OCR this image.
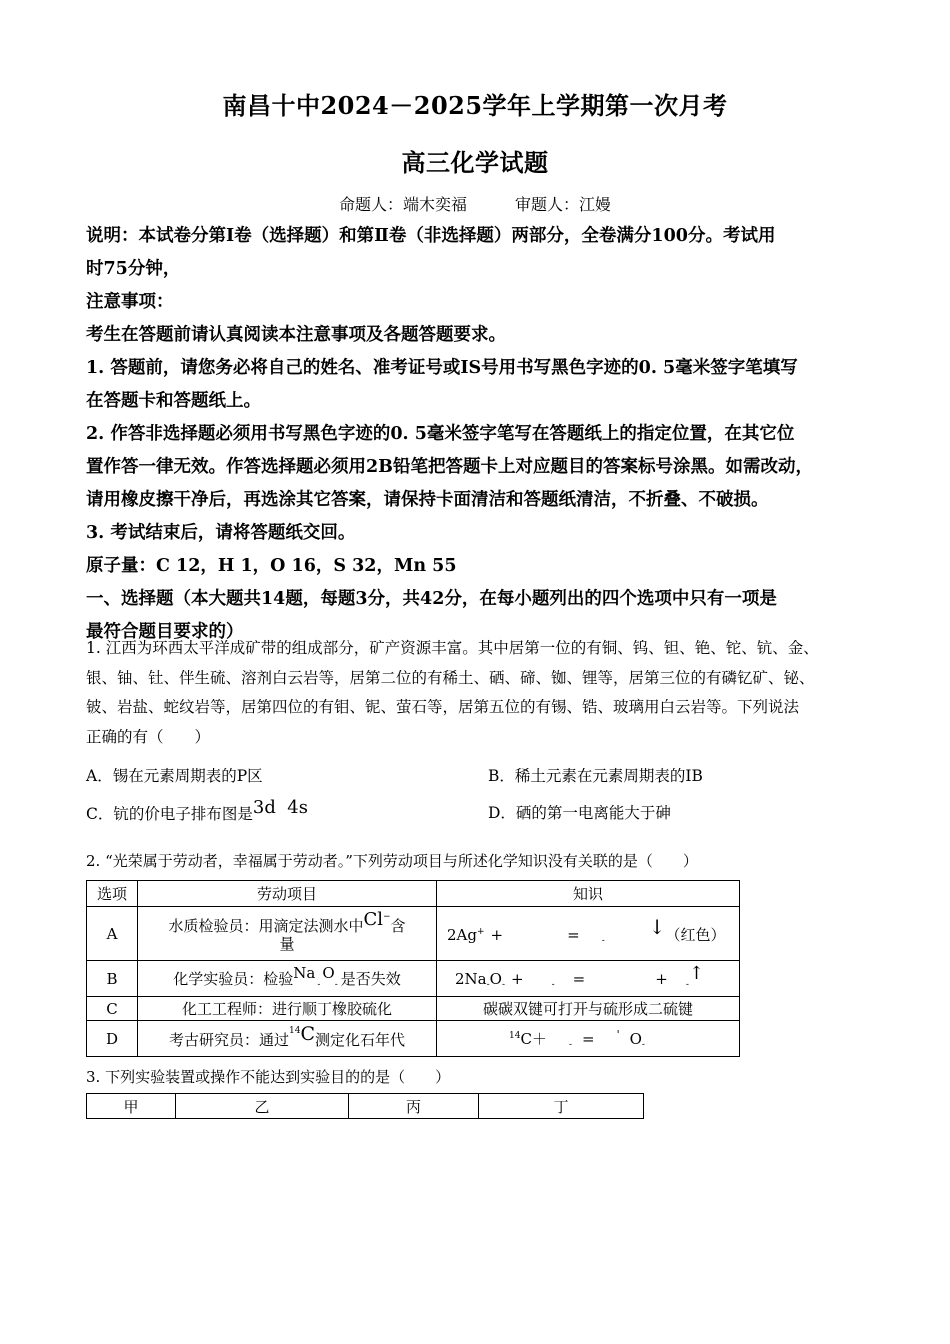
南昌十中2024－2025学年上学期第一次月考
高三化学试题
命题人：端木奕福　　　审题人：江嫚
说明：本试卷分第Ⅰ卷（选择题）和第Ⅱ卷（非选择题）两部分，全卷满分100分。考试用
时75分钟，
注意事项：
考生在答题前请认真阅读本注意事项及各题答题要求。
1. 答题前，请您务必将自己的姓名、准考证号或IS号用书写黑色字迹的0. 5毫米签字笔填写
在答题卡和答题纸上。
2. 作答非选择题必须用书写黑色字迹的0. 5毫米签字笔写在答题纸上的指定位置，在其它位
置作答一律无效。作答选择题必须用2B铅笔把答题卡上对应题目的答案标号涂黑。如需改动，
请用橡皮擦干净后，再选涂其它答案，请保持卡面清洁和答题纸清洁，不折叠、不破损。
3. 考试结束后，请将答题纸交回。
原子量：C 12，H 1，O 16，S 32，Mn 55
一、选择题（本大题共14题，每题3分，共42分，在每小题列出的四个选项中只有一项是
最符合题目要求的）
1. 江西为环西太平洋成矿带的组成部分，矿产资源丰富。其中居第一位的有铜、钨、钽、铯、铊、钪、金、
银、铀、钍、伴生硫、溶剂白云岩等，居第二位的有稀土、硒、碲、铷、锂等，居第三位的有磷钇矿、铋、
铍、岩盐、蛇纹岩等，居第四位的有钼、铌、萤石等，居第五位的有锡、锆、玻璃用白云岩等。下列说法
正确的有（　　）
A．锡在元素周期表的P区	B．稀土元素在元素周期表的ⅠB
C．钪的价电子排布图是3d  4s	D．硒的第一电离能大于砷
2. “光荣属于劳动者，幸福属于劳动者。”下列劳动项目与所述化学知识没有关联的是（　　）
选项	劳动项目	知识
A	水质检验员：用滴定法测水中Cl−含
量	2Ag+ + = $_-$↓（红色）
B	化学实验员：检验$Na_-O_-$ 是否失效	$2Na_-O_- + _-$ = + $_-$↑
C	化工工程师：进行顺丁橡胶硫化	碳碳双键可打开与硫形成二硫键
D	考古研究员：通过$^{14}$C测定化石年代	$^{14}$C＋ $_-$ = ' $O_-$
3. 下列实验装置或操作不能达到实验目的的是（　　）
甲	乙	丙	丁
